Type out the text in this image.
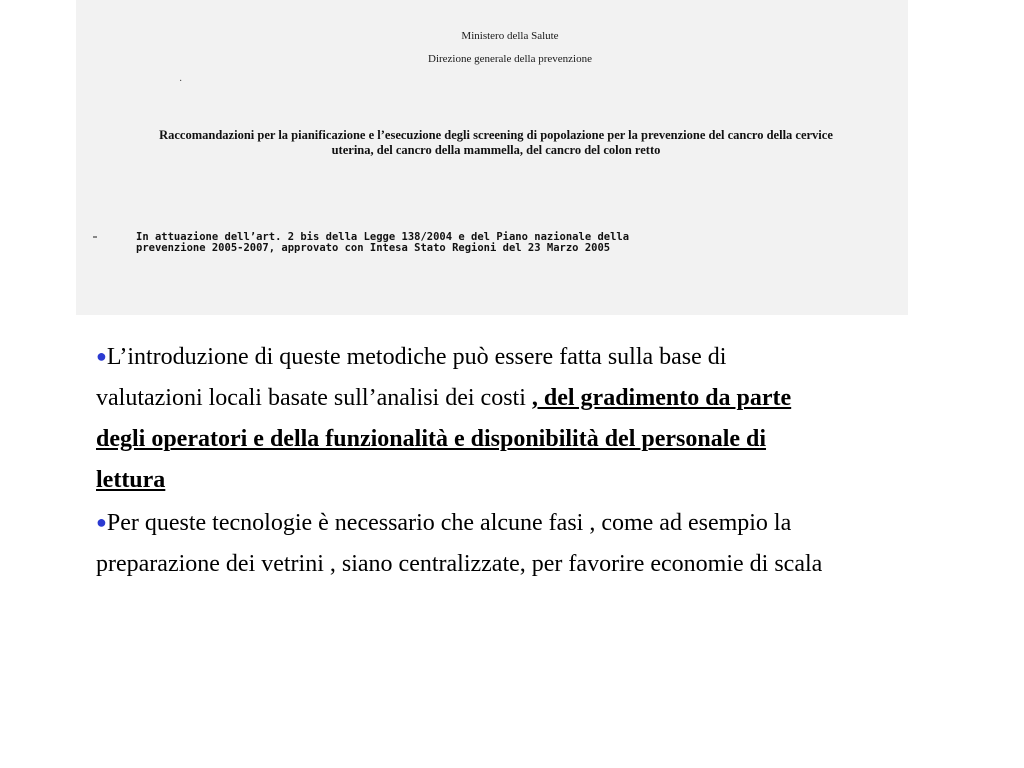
Ministero della Salute
Direzione generale della prevenzione
·
Raccomandazioni per la pianificazione e l’esecuzione degli screening di popolazione per la prevenzione del cancro della cervice uterina, del cancro della mammella, del cancro del colon retto
In attuazione dell’art. 2 bis della Legge 138/2004 e del Piano nazionale della prevenzione 2005-2007, approvato con Intesa Stato Regioni del 23 Marzo 2005

●L’introduzione di queste metodiche può essere fatta sulla base di valutazioni locali basate sull’analisi dei costi , del gradimento da parte degli operatori e della funzionalità e disponibilità del personale di lettura

●Per queste tecnologie è necessario che alcune fasi , come ad esempio la preparazione dei vetrini , siano centralizzate, per favorire economie di scala
